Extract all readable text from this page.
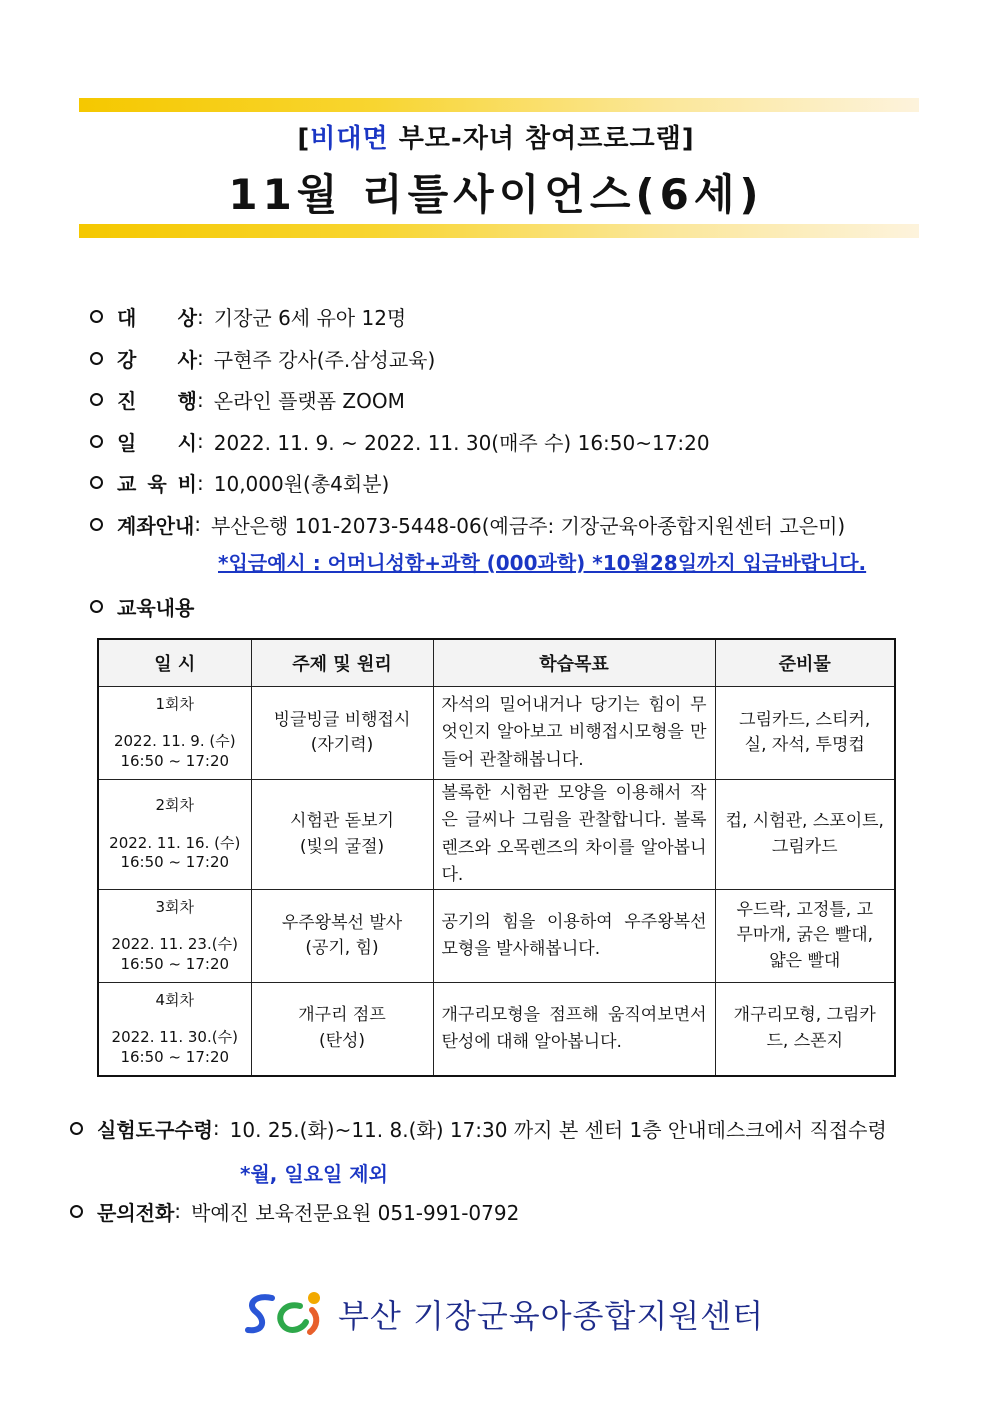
[비대면 부모-자녀 참여프로그램]
11월 리틀사이언스(6세)
대 상 : 기장군 6세 유아 12명
강 사 : 구현주 강사(주.삼성교육)
진 행 : 온라인 플랫폼 ZOOM
일 시 : 2022. 11. 9. ~ 2022. 11. 30(매주 수) 16:50~17:20
교 육 비 : 10,000원(총4회분)
계좌안내 : 부산은행 101-2073-5448-06(예금주: 기장군육아종합지원센터 고은미)
*입금예시 : 어머니성함+과학 (000과학) *10월28일까지 입금바랍니다.
교육내용
일 시	주제 및 원리	학습목표	준비물

1회차
2022. 11. 9. (수)
16:50 ~ 17:20	빙글빙글 비행접시
(자기력)	자석의 밀어내거나 당기는 힘이 무엇인지 알아보고 비행접시모형을 만들어 관찰해봅니다.	그림카드, 스티커, 실, 자석, 투명컵

2회차
2022. 11. 16. (수)
16:50 ~ 17:20	시험관 돋보기
(빛의 굴절)	볼록한 시험관 모양을 이용해서 작은 글씨나 그림을 관찰합니다. 볼록렌즈와 오목렌즈의 차이를 알아봅니다.	컵, 시험관, 스포이트, 그림카드

3회차
2022. 11. 23.(수)
16:50 ~ 17:20	우주왕복선 발사
(공기, 힘)	공기의 힘을 이용하여 우주왕복선 모형을 발사해봅니다.	우드락, 고정틀, 고무마개, 굵은 빨대, 얇은 빨대

4회차
2022. 11. 30.(수)
16:50 ~ 17:20	개구리 점프
(탄성)	개구리모형을 점프해 움직여보면서 탄성에 대해 알아봅니다.	개구리모형, 그림카드, 스폰지
실험도구수령 : 10. 25.(화)~11. 8.(화) 17:30 까지 본 센터 1층 안내데스크에서 직접수령
*월, 일요일 제외
문의전화 : 박예진 보육전문요원 051-991-0792
부산 기장군육아종합지원센터
